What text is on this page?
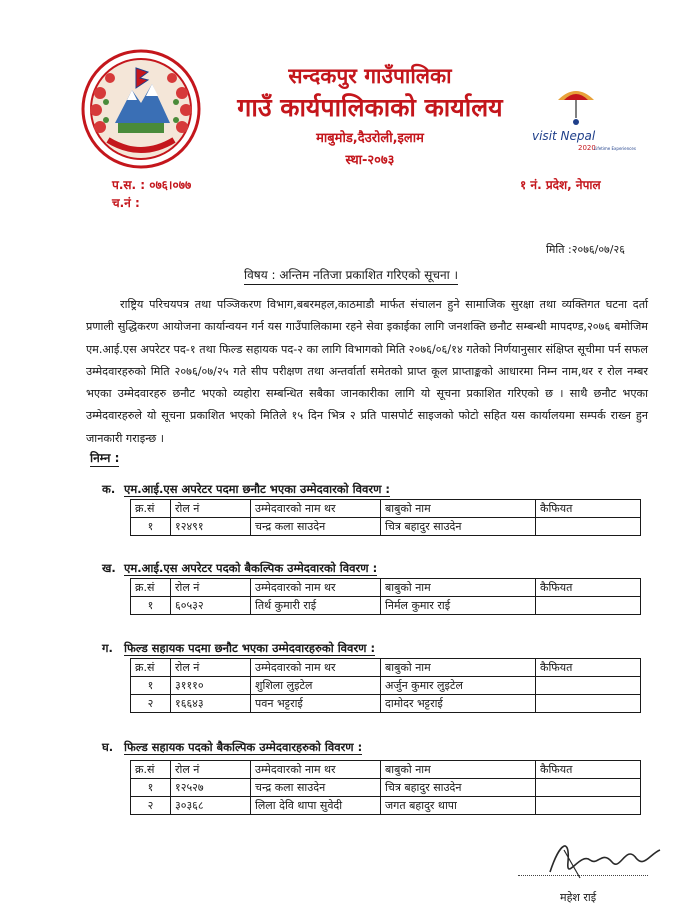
सन्दकपुर गाउँपालिका
गाउँ कार्यपालिकाको कार्यालय
माबुमोड,दैउरोली,इलाम
स्था-२०७३
visit Nepal
2020
Lifetime Experiences
प.स. : ०७६।०७७
च.नं :
१ नं. प्रदेश, नेपाल
मिति :२०७६/०७/२६
विषय : अन्तिम नतिजा प्रकाशित गरिएको सूचना ।
राष्ट्रिय परिचयपत्र तथा पञ्जिकरण विभाग,बबरमहल,काठमाडौ मार्फत संचालन हुने सामाजिक सुरक्षा तथा व्यक्तिगत घटना दर्ता प्रणाली सुद्धिकरण आयोजना कार्यान्वयन गर्न यस गाउँपालिकामा रहने सेवा इकाईका लागि जनशक्ति छनौट सम्बन्धी मापदण्ड,२०७६ बमोजिम एम.आई.एस अपरेटर पद-१ तथा फिल्ड सहायक पद-२ का लागि विभागको मिति २०७६/०६/१४ गतेको निर्णयानुसार संक्षिप्त सूचीमा पर्न सफल उम्मेदवारहरुको मिति २०७६/०७/२५ गते सीप परीक्षण तथा अन्तर्वार्ता समेतको प्राप्त कूल प्राप्ताङ्कको आधारमा निम्न नाम,थर र रोल नम्बर भएका उम्मेदवारहरु छनौट भएको व्यहोरा सम्बन्धित सबैका जानकारीका लागि यो सूचना प्रकाशित गरिएको छ । साथै छनौट भएका उम्मेदवारहरुले यो सूचना प्रकाशित भएको मितिले १५ दिन भित्र २ प्रति पासपोर्ट साइजको फोटो सहित यस कार्यालयमा सम्पर्क राख्न हुन जानकारी गराइन्छ ।
निम्न :
क. एम.आई.एस अपरेटर पदमा छनौट भएका उम्मेदवारको विवरण :
क्र.सं	रोल नं	उम्मेदवारको नाम थर	बाबुको नाम	कैफियत
१	१२४९१	चन्द्र कला साउदेन	चित्र बहादुर साउदेन	
ख. एम.आई.एस अपरेटर पदको बैकल्पिक उम्मेदवारको विवरण :
क्र.सं	रोल नं	उम्मेदवारको नाम थर	बाबुको नाम	कैफियत
१	६०५३२	तिर्थ कुमारी राई	निर्मल कुमार राई	
ग. फिल्ड सहायक पदमा छनौट भएका उम्मेदवारहरुको विवरण :
क्र.सं	रोल नं	उम्मेदवारको नाम थर	बाबुको नाम	कैफियत
१	३१११०	शुशिला लुइटेल	अर्जुन कुमार लुइटेल	
२	१६६४३	पवन भट्टराई	दामोदर भट्टराई	
घ. फिल्ड सहायक पदको बैकल्पिक उम्मेदवारहरुको विवरण :
क्र.सं	रोल नं	उम्मेदवारको नाम थर	बाबुको नाम	कैफियत
१	१२५२७	चन्द्र कला साउदेन	चित्र बहादुर साउदेन	
२	३०३६८	लिला देवि थापा सुवेदी	जगत बहादुर थापा	
महेश राई
